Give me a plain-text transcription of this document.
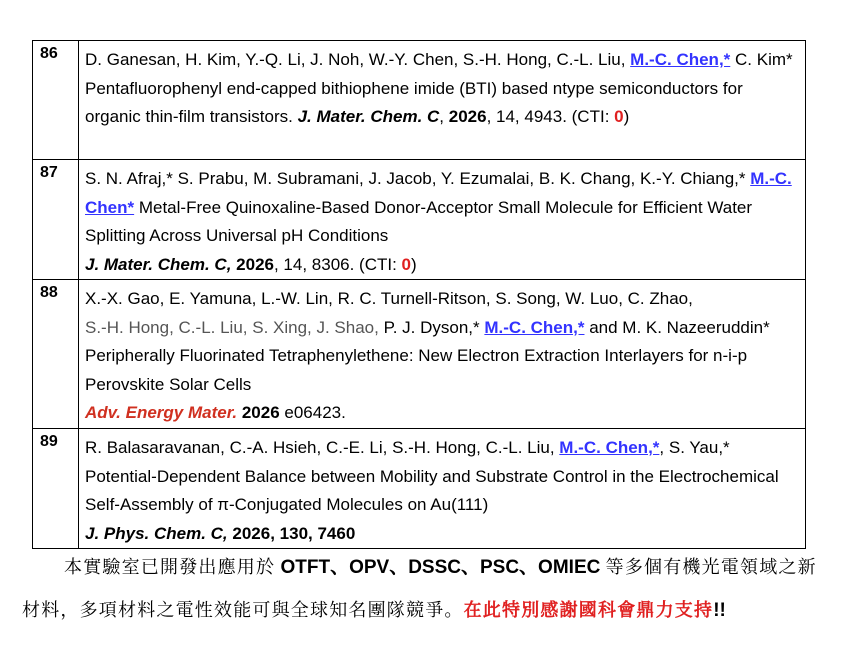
86	D. Ganesan, H. Kim, Y.-Q. Li, J. Noh, W.-Y. Chen, S.-H. Hong, C.-L. Liu, M.-C. Chen,* C. Kim* Pentafluorophenyl end-capped bithiophene imide (BTI) based ntype semiconductors for organic thin-film transistors. J. Mater. Chem. C, 2026, 14, 4943. (CTI: 0)
87	S. N. Afraj,* S. Prabu, M. Subramani, J. Jacob, Y. Ezumalai, B. K. Chang, K.-Y. Chiang,* M.-C. Chen* Metal-Free Quinoxaline-Based Donor-Acceptor Small Molecule for Efficient Water Splitting Across Universal pH Conditions
J. Mater. Chem. C, 2026, 14, 8306. (CTI: 0)
88	X.-X. Gao, E. Yamuna, L.-W. Lin, R. C. Turnell-Ritson, S. Song, W. Luo, C. Zhao,
S.-H. Hong, C.-L. Liu, S. Xing, J. Shao, P. J. Dyson,* M.-C. Chen,* and M. K. Nazeeruddin* Peripherally Fluorinated Tetraphenylethene: New Electron Extraction Interlayers for n-i-p Perovskite Solar Cells
Adv. Energy Mater. 2026 e06423.
89	R. Balasaravanan, C.-A. Hsieh, C.-E. Li, S.-H. Hong, C.-L. Liu, M.-C. Chen,*, S. Yau,* Potential-Dependent Balance between Mobility and Substrate Control in the Electrochemical Self-Assembly of π-Conjugated Molecules on Au(111)
J. Phys. Chem. C, 2026, 130, 7460
本實驗室已開發出應用於 OTFT、OPV、DSSC、PSC、OMIEC 等多個有機光電領域之新材料，多項材料之電性效能可與全球知名團隊競爭。在此特別感謝國科會鼎力支持!!
